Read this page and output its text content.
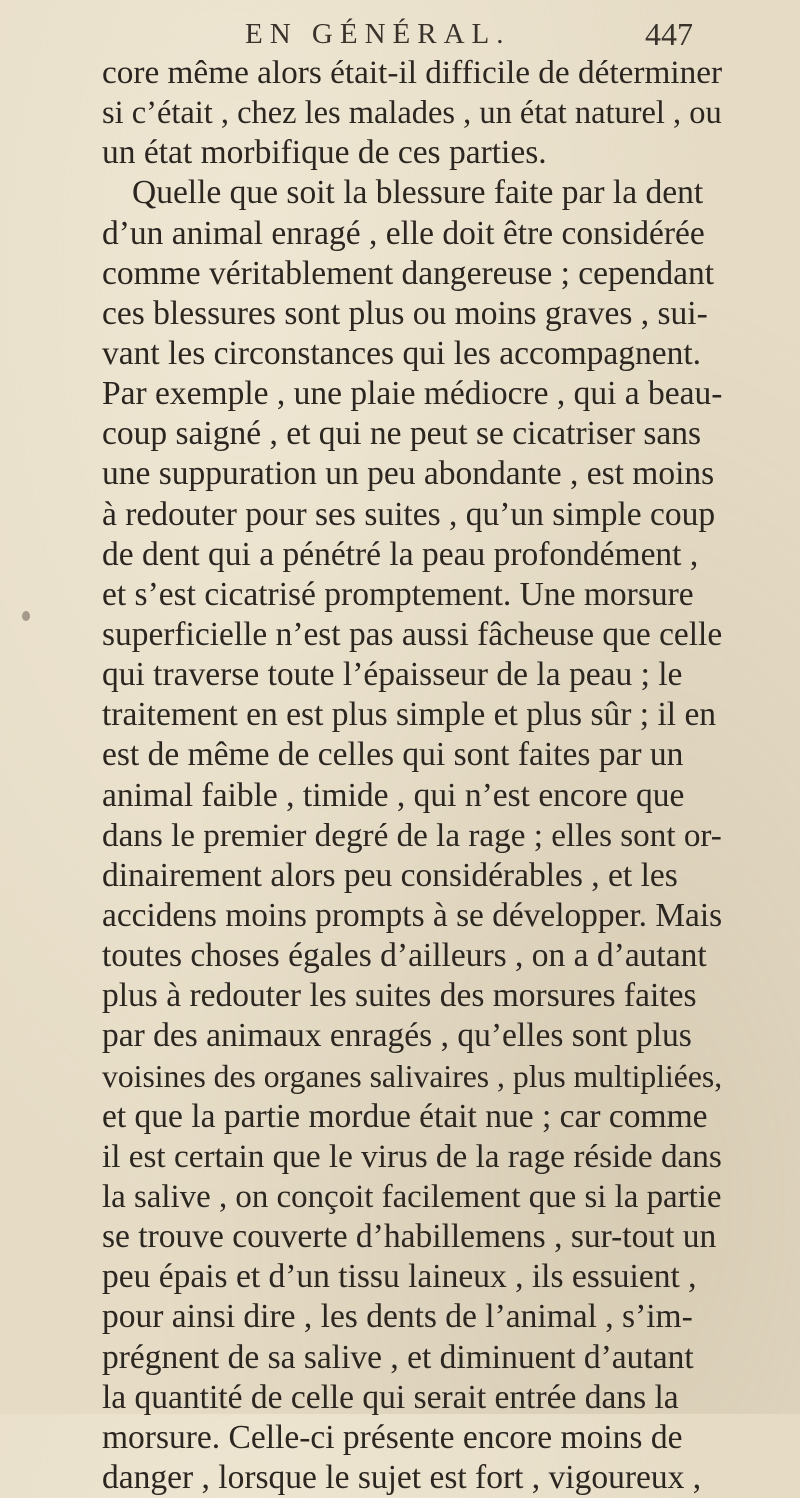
EN GÉNÉRAL.	447
core même alors était-il difficile de déterminer
si c’était , chez les malades , un état naturel , ou
un état morbifique de ces parties.
Quelle que soit la blessure faite par la dent
d’un animal enragé , elle doit être considérée
comme véritablement dangereuse ; cependant
ces blessures sont plus ou moins graves , sui-
vant les circonstances qui les accompagnent.
Par exemple , une plaie médiocre , qui a beau-
coup saigné , et qui ne peut se cicatriser sans
une suppuration un peu abondante , est moins
à redouter pour ses suites , qu’un simple coup
de dent qui a pénétré la peau profondément ,
et s’est cicatrisé promptement. Une morsure
superficielle n’est pas aussi fâcheuse que celle
qui traverse toute l’épaisseur de la peau ; le
traitement en est plus simple et plus sûr ; il en
est de même de celles qui sont faites par un
animal faible , timide , qui n’est encore que
dans le premier degré de la rage ; elles sont or-
dinairement alors peu considérables , et les
accidens moins prompts à se développer. Mais
toutes choses égales d’ailleurs , on a d’autant
plus à redouter les suites des morsures faites
par des animaux enragés , qu’elles sont plus
voisines des organes salivaires , plus multipliées,
et que la partie mordue était nue ; car comme
il est certain que le virus de la rage réside dans
la salive , on conçoit facilement que si la partie
se trouve couverte d’habillemens , sur-tout un
peu épais et d’un tissu laineux , ils essuient ,
pour ainsi dire , les dents de l’animal , s’im-
prégnent de sa salive , et diminuent d’autant
la quantité de celle qui serait entrée dans la
morsure. Celle-ci présente encore moins de
danger , lorsque le sujet est fort , vigoureux ,
